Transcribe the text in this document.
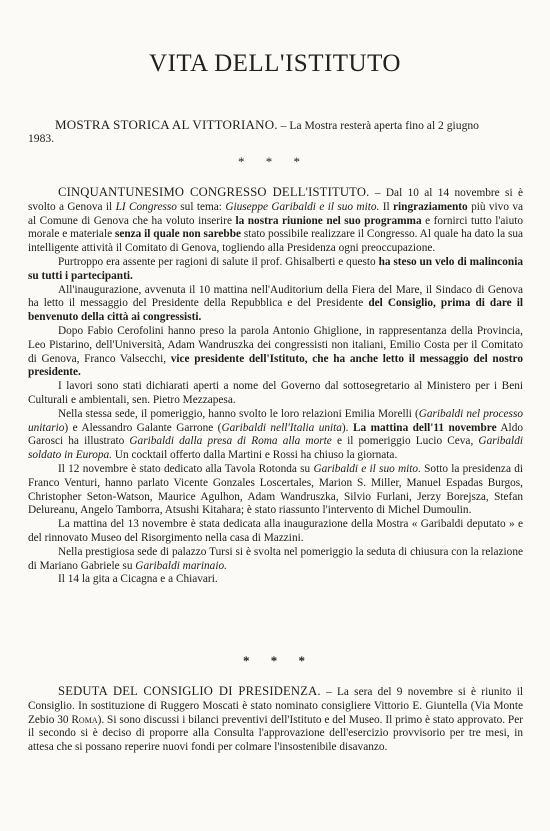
VITA DELL'ISTITUTO
MOSTRA STORICA AL VITTORIANO. – La Mostra resterà aperta fino al 2 giugno
1983.
* * *

CINQUANTUNESIMO CONGRESSO DELL'ISTITUTO. – Dal 10 al 14 novembre si è svolto a Genova il LI Congresso sul tema: Giuseppe Garibaldi e il suo mito. Il ringraziamento più vivo va al Comune di Genova che ha voluto inserire la nostra riunione nel suo programma e fornirci tutto l'aiuto morale e materiale senza il quale non sarebbe stato possibile realizzare il Congresso. Al quale ha dato la sua intelligente attività il Comitato di Genova, togliendo alla Presidenza ogni preoccupazione.

Purtroppo era assente per ragioni di salute il prof. Ghisalberti e questo ha steso un velo di malinconia su tutti i partecipanti.

All'inaugurazione, avvenuta il 10 mattina nell'Auditorium della Fiera del Mare, il Sindaco di Genova ha letto il messaggio del Presidente della Repubblica e del Presidente del Consiglio, prima di dare il benvenuto della città ai congressisti.

Dopo Fabio Cerofolini hanno preso la parola Antonio Ghiglione, in rappresentanza della Provincia, Leo Pistarino, dell'Università, Adam Wandruszka dei congressisti non italiani, Emilio Costa per il Comitato di Genova, Franco Valsecchi, vice presidente dell'Istituto, che ha anche letto il messaggio del nostro presidente.

I lavori sono stati dichiarati aperti a nome del Governo dal sottosegretario al Ministero per i Beni Culturali e ambientali, sen. Pietro Mezzapesa.

Nella stessa sede, il pomeriggio, hanno svolto le loro relazioni Emilia Morelli (Garibaldi nel processo unitario) e Alessandro Galante Garrone (Garibaldi nell'Italia unita). La mattina dell'11 novembre Aldo Garosci ha illustrato Garibaldi dalla presa di Roma alla morte e il pomeriggio Lucio Ceva, Garibaldi soldato in Europa. Un cocktail offerto dalla Martini e Rossi ha chiuso la giornata.

Il 12 novembre è stato dedicato alla Tavola Rotonda su Garibaldi e il suo mito. Sotto la presidenza di Franco Venturi, hanno parlato Vicente Gonzales Loscertales, Marion S. Miller, Manuel Espadas Burgos, Christopher Seton-Watson, Maurice Agulhon, Adam Wandruszka, Silvio Furlani, Jerzy Borejsza, Stefan Delureanu, Angelo Tamborra, Atsushi Kitahara; è stato riassunto l'intervento di Michel Dumoulin.

La mattina del 13 novembre è stata dedicata alla inaugurazione della Mostra « Garibaldi deputato » e del rinnovato Museo del Risorgimento nella casa di Mazzini.

Nella prestigiosa sede di palazzo Tursi si è svolta nel pomeriggio la seduta di chiusura con la relazione di Mariano Gabriele su Garibaldi marinaio.

Il 14 la gita a Cicagna e a Chiavari.

* * *

SEDUTA DEL CONSIGLIO DI PRESIDENZA. – La sera del 9 novembre si è riunito il Consiglio. In sostituzione di Ruggero Moscati è stato nominato consigliere Vittorio E. Giuntella (Via Monte Zebio 30 Roma). Si sono discussi i bilanci preventivi dell'Istituto e del Museo. Il primo è stato approvato. Per il secondo si è deciso di proporre alla Consulta l'approvazione dell'esercizio provvisorio per tre mesi, in attesa che si possano reperire nuovi fondi per colmare l'insostenibile disavanzo.
